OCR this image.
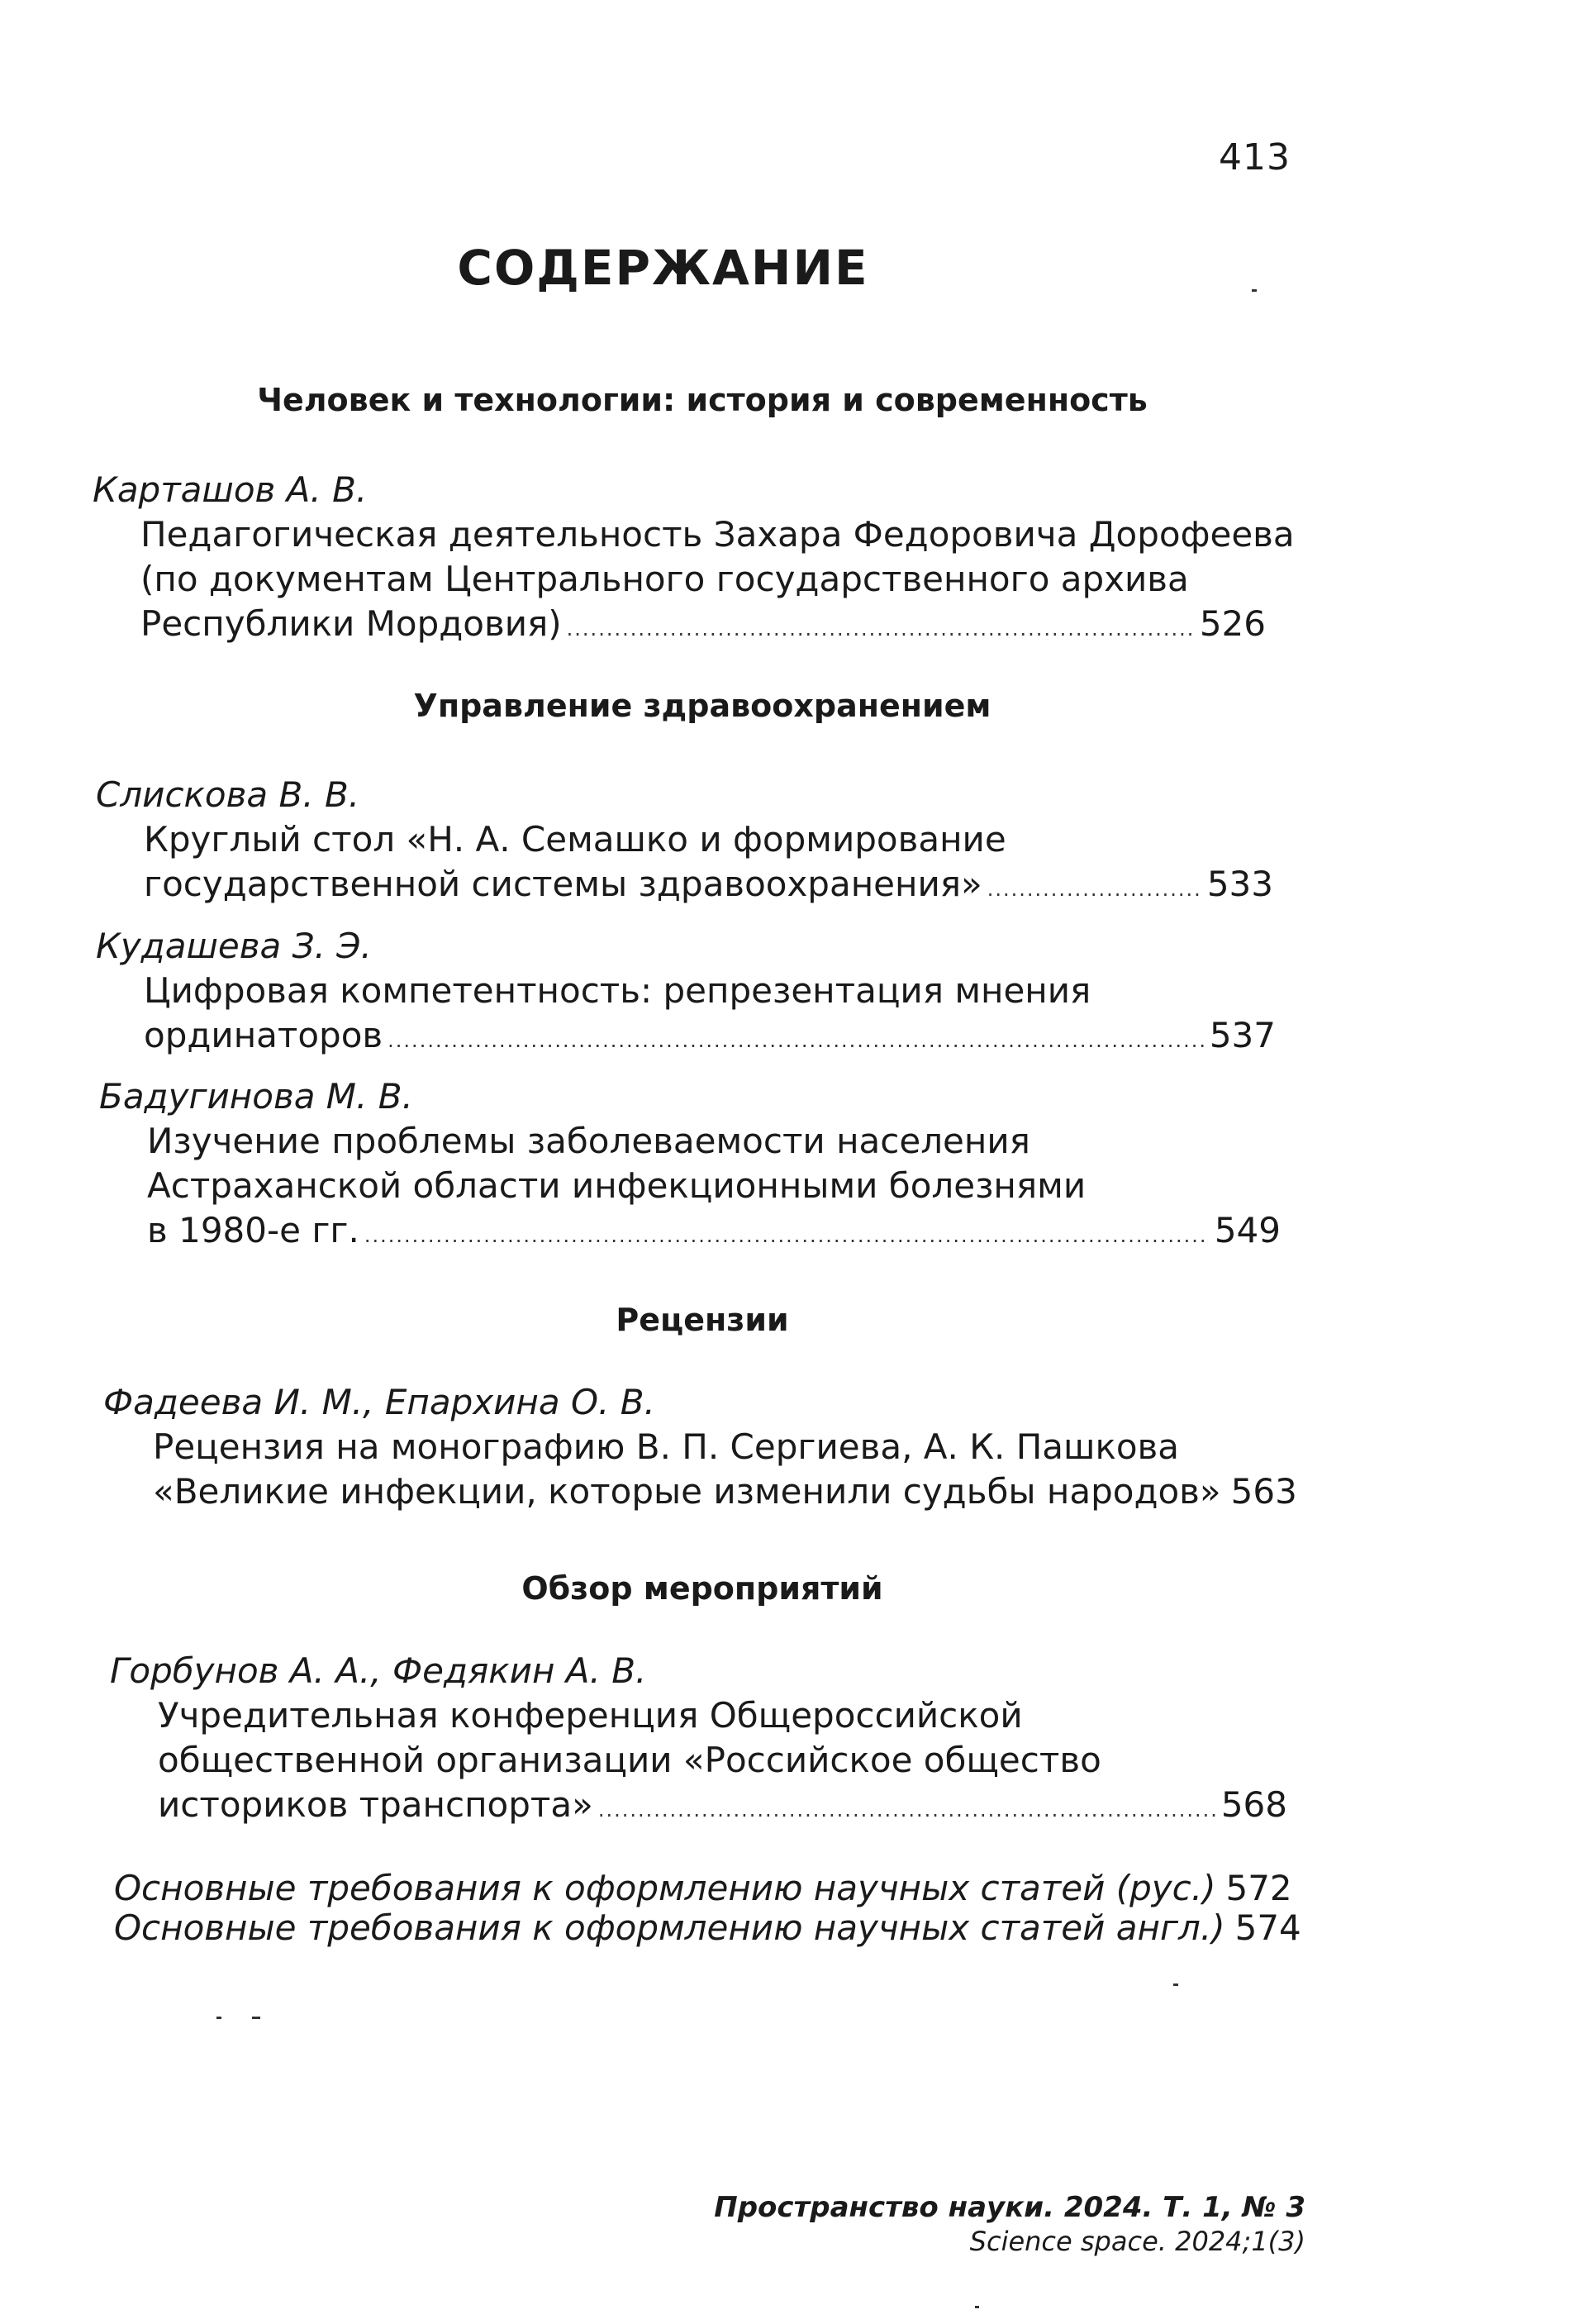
413
СОДЕРЖАНИЕ
Человек и технологии: история и современность
Карташов А. В.
Педагогическая деятельность Захара Федоровича Дорофеева
(по документам Центрального государственного архива
Республики Мордовия) .....	526
Управление здравоохранением
Слискова В. В.
Круглый стол «Н. А. Семашко и формирование
государственной системы здравоохранения» .....	533
Кудашева З. Э.
Цифровая компетентность: репрезентация мнения
ординаторов .....	537
Бадугинова М. В.
Изучение проблемы заболеваемости населения
Астраханской области инфекционными болезнями
в 1980-е гг. .....	549
Рецензии
Фадеева И. М., Епархина О. В.
Рецензия на монографию В. П. Сергиева, А. К. Пашкова
«Великие инфекции, которые изменили судьбы народов» 563
Обзор мероприятий
Горбунов А. А., Федякин А. В.
Учредительная конференция Общероссийской
общественной организации «Российское общество
историков транспорта» .....	568
Основные требования к оформлению научных статей (рус.) 572
Основные требования к оформлению научных статей англ.) 574
Пространство науки. 2024. Т. 1, № 3
Science space. 2024;1(3)
